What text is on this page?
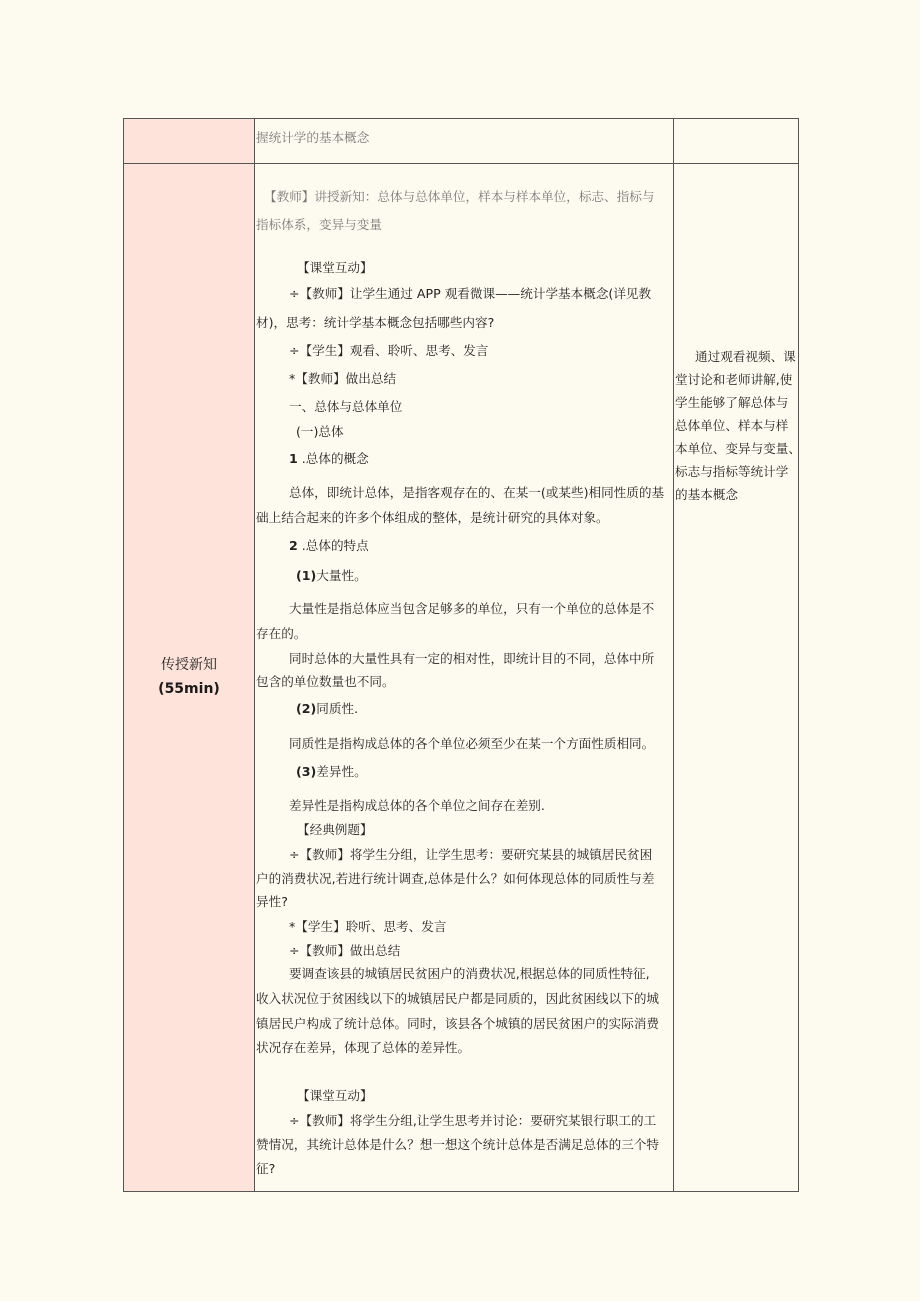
握统计学的基本概念
传授新知
(55min)
【教师】讲授新知：总体与总体单位，样本与样本单位，标志、指标与
指标体系，变异与变量
【课堂互动】
÷【教师】让学生通过 APP 观看微课——统计学基本概念(详见教
材)，思考：统计学基本概念包括哪些内容?
÷【学生】观看、聆听、思考、发言
*【教师】做出总结
一、总体与总体单位
(一)总体
1 .总体的概念
总体，即统计总体，是指客观存在的、在某一(或某些)相同性质的基
础上结合起来的许多个体组成的整体，是统计研究的具体对象。
2 .总体的特点
(1)大量性。
大量性是指总体应当包含足够多的单位，只有一个单位的总体是不
存在的。
同时总体的大量性具有一定的相对性，即统计目的不同，总体中所
包含的单位数量也不同。
(2)同质性.
同质性是指构成总体的各个单位必须至少在某一个方面性质相同。
(3)差异性。
差异性是指构成总体的各个单位之间存在差别.
【经典例题】
÷【教师】将学生分组，让学生思考：要研究某县的城镇居民贫困
户的消费状况,若进行统计调查,总体是什么？如何体现总体的同质性与差
异性?
*【学生】聆听、思考、发言
÷【教师】做出总结
要调查该县的城镇居民贫困户的消费状况,根据总体的同质性特征,
收入状况位于贫困线以下的城镇居民户都是同质的，因此贫困线以下的城
镇居民户构成了统计总体。同时，该县各个城镇的居民贫困户的实际消费
状况存在差异，体现了总体的差异性。
【课堂互动】
÷【教师】将学生分组,让学生思考并讨论：要研究某银行职工的工
赞情况，其统计总体是什么？想一想这个统计总体是否满足总体的三个特
征?
通过观看视频、课
堂讨论和老师讲解,使
学生能够了解总体与
总体单位、样本与样
本单位、变异与变量、
标志与指标等统计学
的基本概念
